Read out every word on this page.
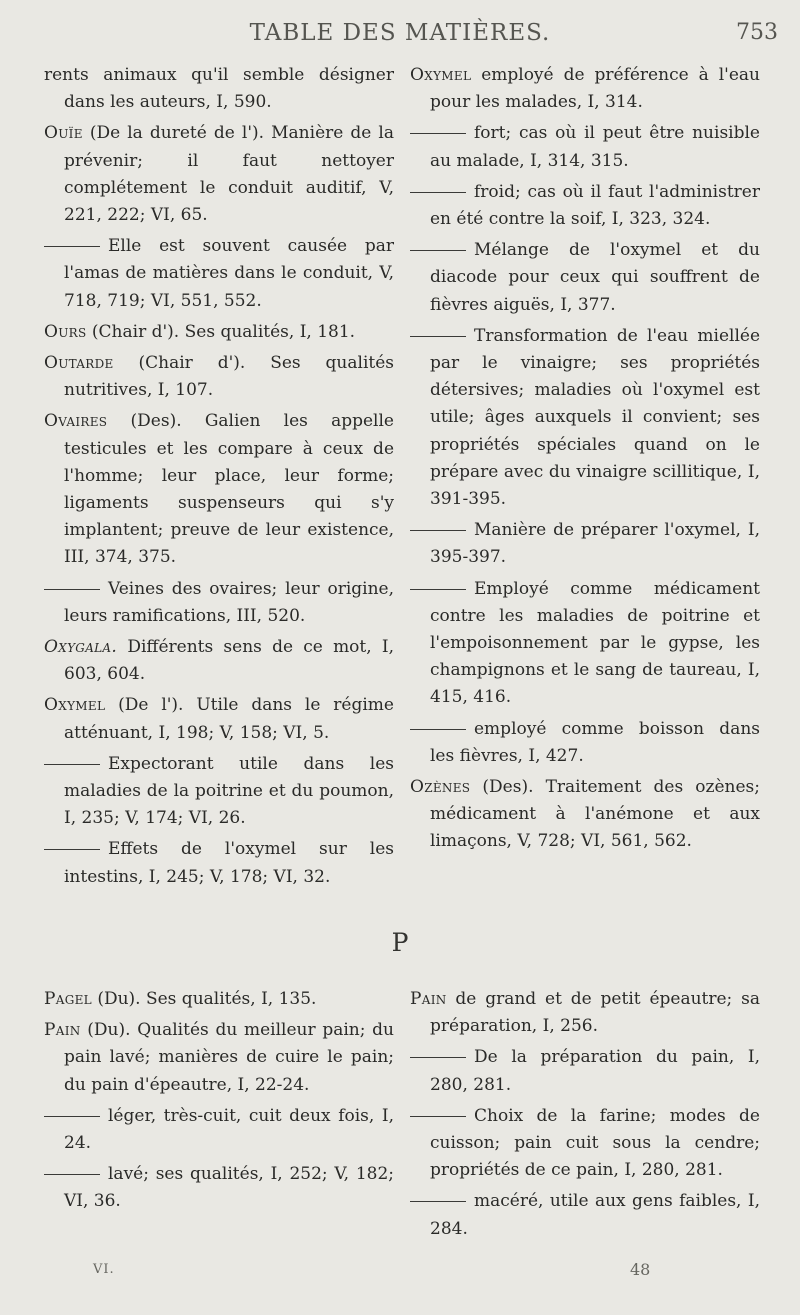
TABLE DES MATIÈRES.	753

rents animaux qu'il semble désigner dans les auteurs, I, 590.

Ouïe (De la dureté de l'). Manière de la prévenir; il faut nettoyer complétement le conduit auditif, V, 221, 222; VI, 65.

Elle est souvent causée par l'amas de matières dans le conduit, V, 718, 719; VI, 551, 552.

Ours (Chair d'). Ses qualités, I, 181.

Outarde (Chair d'). Ses qualités nutritives, I, 107.

Ovaires (Des). Galien les appelle testicules et les compare à ceux de l'homme; leur place, leur forme; ligaments suspenseurs qui s'y implantent; preuve de leur existence, III, 374, 375.

Veines des ovaires; leur origine, leurs ramifications, III, 520.

Oxygala. Différents sens de ce mot, I, 603, 604.

Oxymel (De l'). Utile dans le régime atténuant, I, 198; V, 158; VI, 5.

Expectorant utile dans les maladies de la poitrine et du poumon, I, 235; V, 174; VI, 26.

Effets de l'oxymel sur les intestins, I, 245; V, 178; VI, 32.

Oxymel employé de préférence à l'eau pour les malades, I, 314.

fort; cas où il peut être nuisible au malade, I, 314, 315.

froid; cas où il faut l'administrer en été contre la soif, I, 323, 324.

Mélange de l'oxymel et du diacode pour ceux qui souffrent de fièvres aiguës, I, 377.

Transformation de l'eau miellée par le vinaigre; ses propriétés détersives; maladies où l'oxymel est utile; âges auxquels il convient; ses propriétés spéciales quand on le prépare avec du vinaigre scillitique, I, 391-395.

Manière de préparer l'oxymel, I, 395-397.

Employé comme médicament contre les maladies de poitrine et l'empoisonnement par le gypse, les champignons et le sang de taureau, I, 415, 416.

employé comme boisson dans les fièvres, I, 427.

Ozènes (Des). Traitement des ozènes; médicament à l'anémone et aux limaçons, V, 728; VI, 561, 562.

P

Pagel (Du). Ses qualités, I, 135.

Pain (Du). Qualités du meilleur pain; du pain lavé; manières de cuire le pain; du pain d'épeautre, I, 22-24.

léger, très-cuit, cuit deux fois, I, 24.

lavé; ses qualités, I, 252; V, 182; VI, 36.

Pain de grand et de petit épeautre; sa préparation, I, 256.

De la préparation du pain, I, 280, 281.

Choix de la farine; modes de cuisson; pain cuit sous la cendre; propriétés de ce pain, I, 280, 281.

macéré, utile aux gens faibles, I, 284.

VI.	48
